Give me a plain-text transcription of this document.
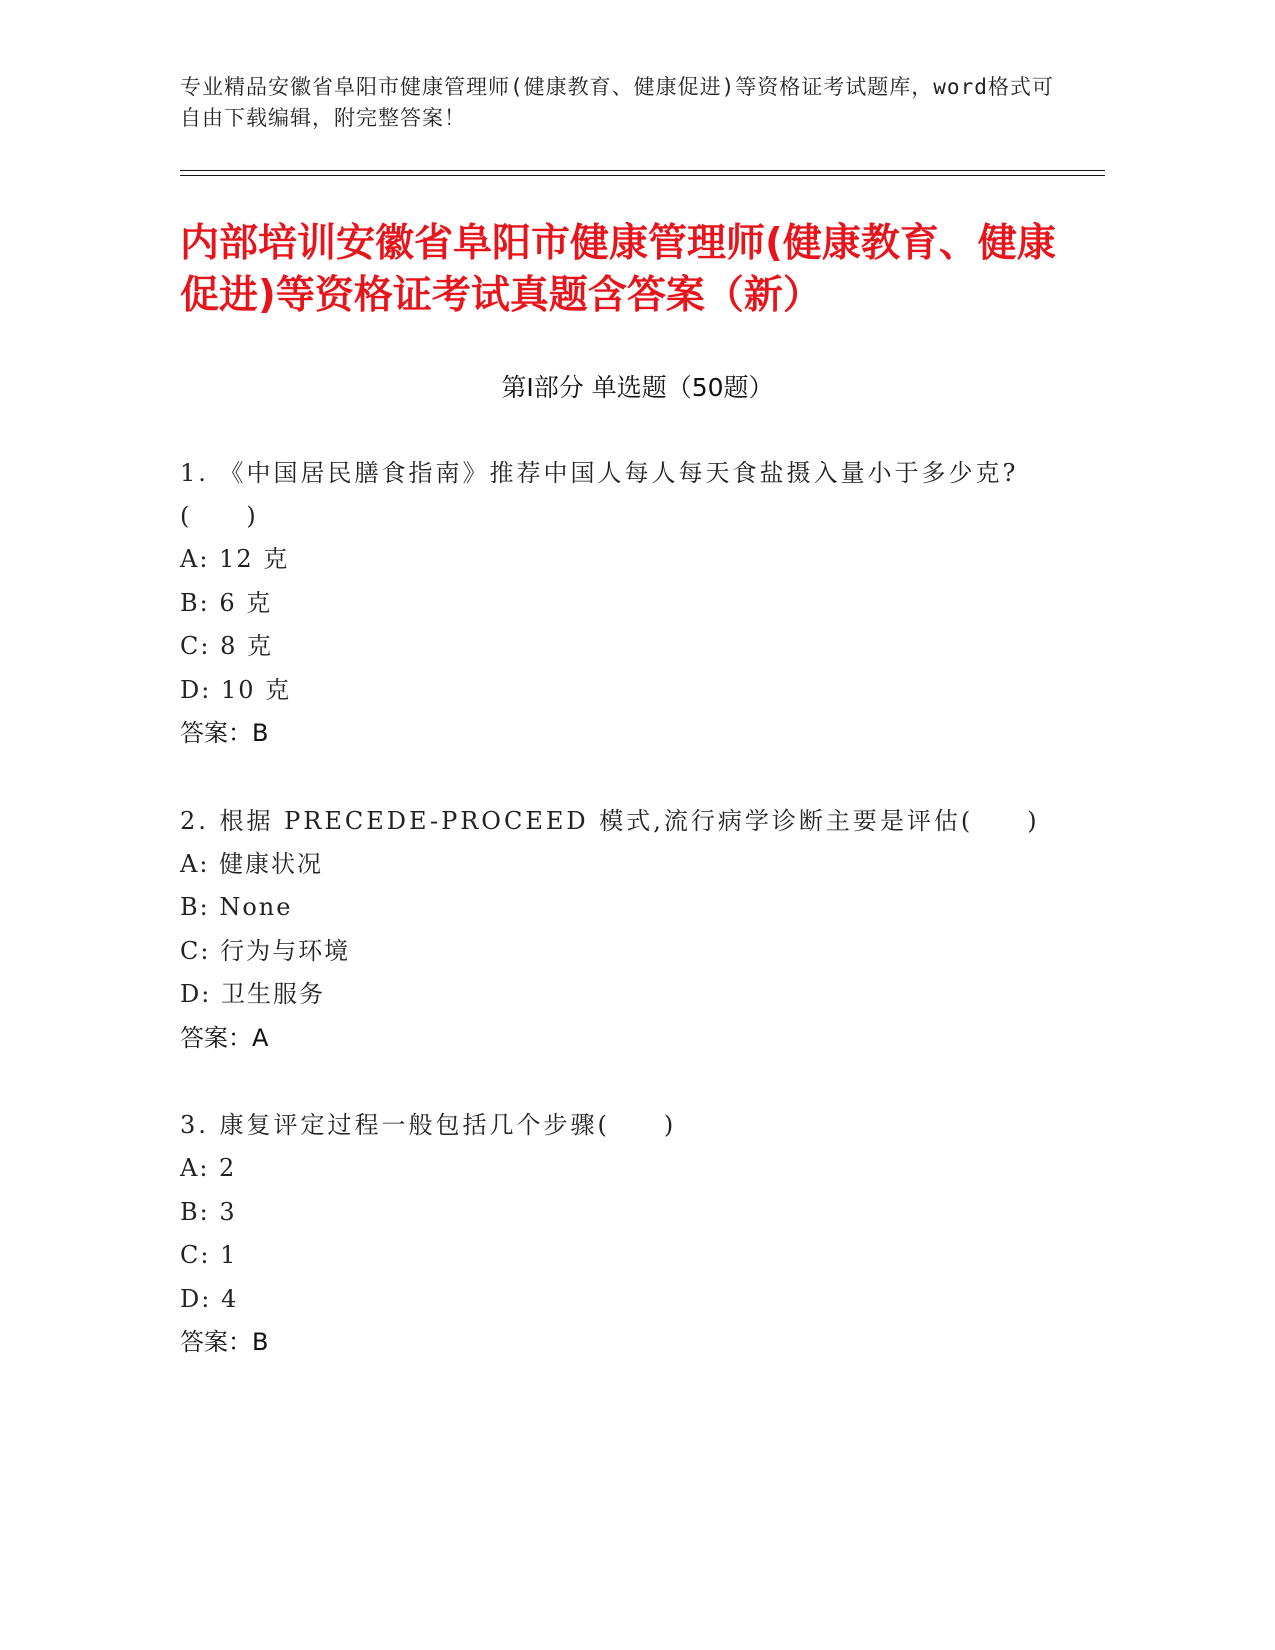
专业精品安徽省阜阳市健康管理师(健康教育、健康促进)等资格证考试题库，word格式可自由下载编辑，附完整答案！
内部培训安徽省阜阳市健康管理师(健康教育、健康促进)等资格证考试真题含答案（新）
第Ⅰ部分 单选题（50题）
1. 《中国居民膳食指南》推荐中国人每人每天食盐摄入量小于多少克?(　　)
A: 12 克
B: 6 克
C: 8 克
D: 10 克
答案：B
2. 根据 PRECEDE-PROCEED 模式,流行病学诊断主要是评估(　　)
A: 健康状况
B: None
C: 行为与环境
D: 卫生服务
答案：A
3. 康复评定过程一般包括几个步骤(　　)
A: 2
B: 3
C: 1
D: 4
答案：B
